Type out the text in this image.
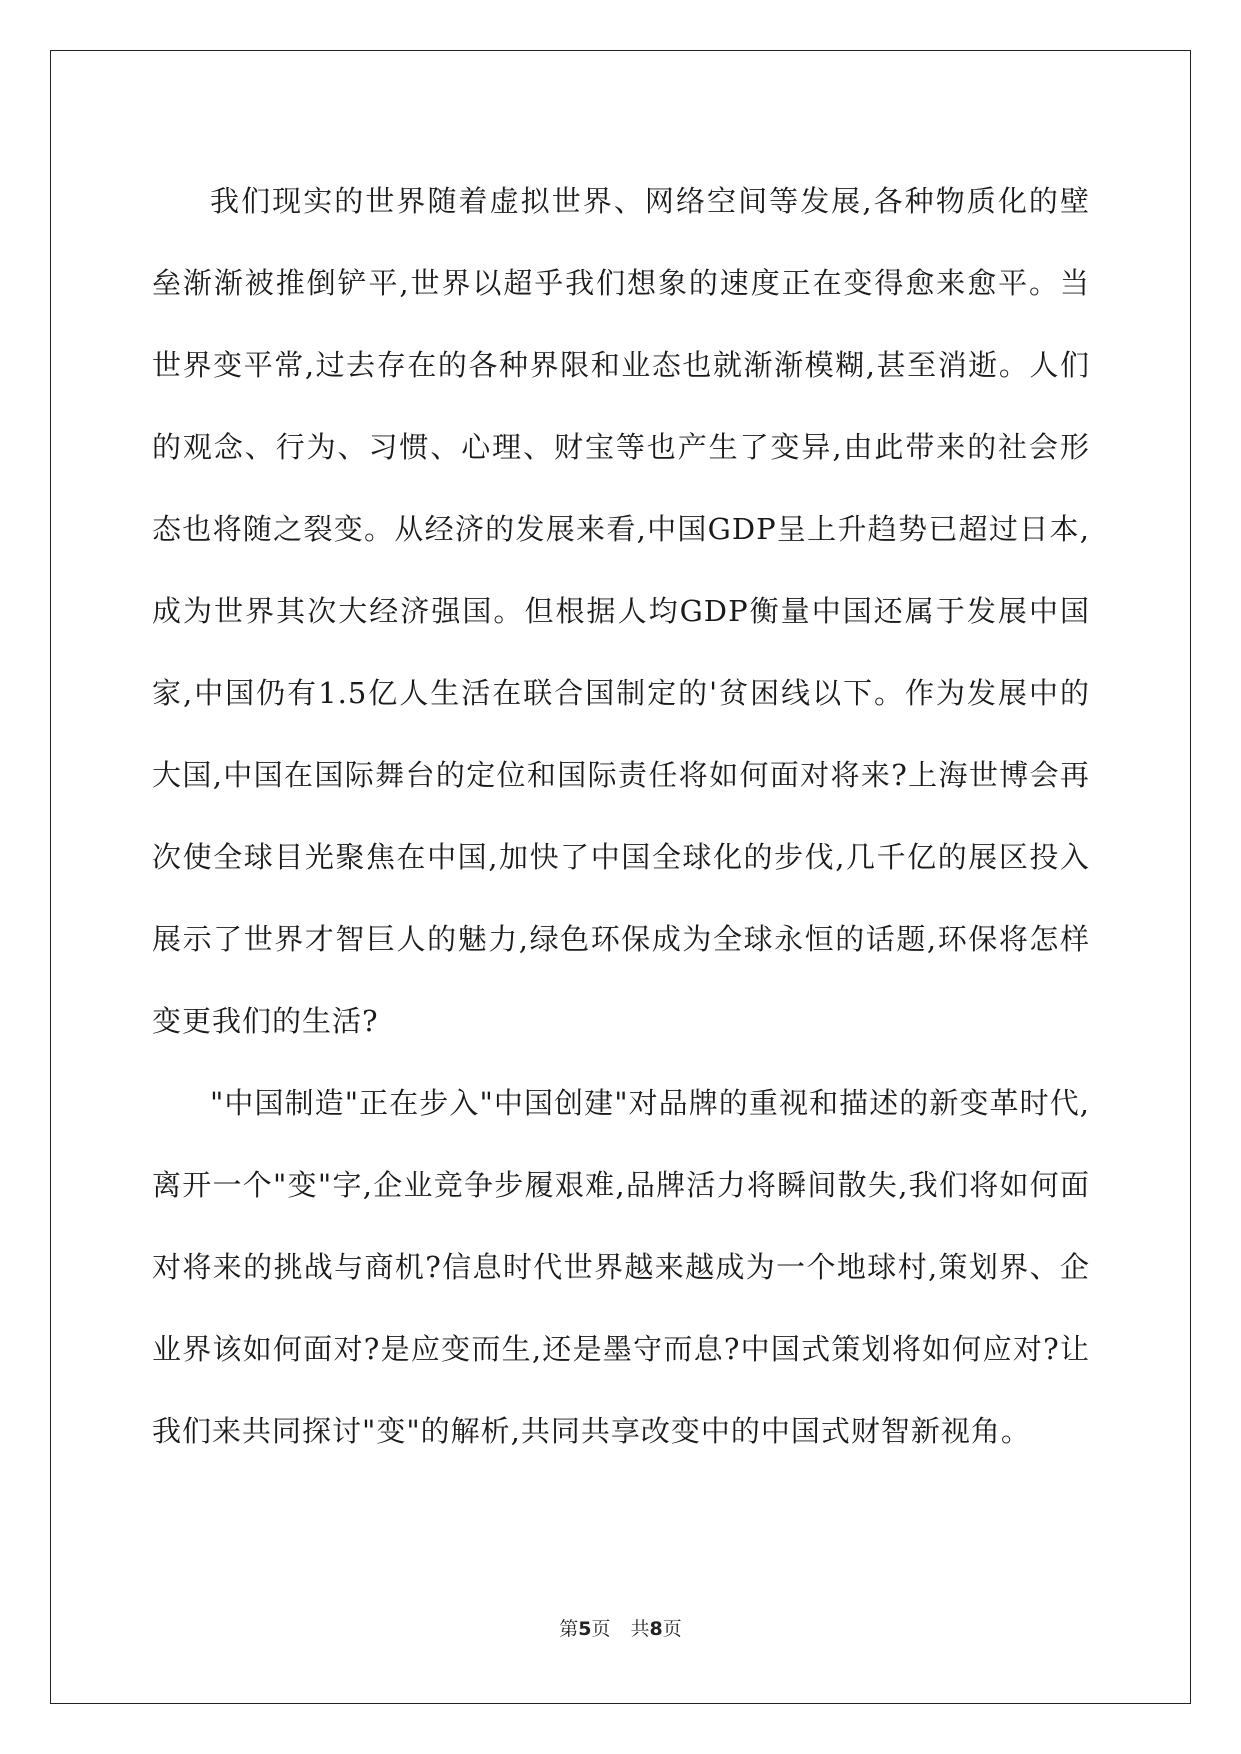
我们现实的世界随着虚拟世界、网络空间等发展,各种物质化的壁垒渐渐被推倒铲平,世界以超乎我们想象的速度正在变得愈来愈平。当世界变平常,过去存在的各种界限和业态也就渐渐模糊,甚至消逝。人们的观念、行为、习惯、心理、财宝等也产生了变异,由此带来的社会形态也将随之裂变。从经济的发展来看,中国GDP呈上升趋势已超过日本,成为世界其次大经济强国。但根据人均GDP衡量中国还属于发展中国家,中国仍有1.5亿人生活在联合国制定的'贫困线以下。作为发展中的大国,中国在国际舞台的定位和国际责任将如何面对将来?上海世博会再次使全球目光聚焦在中国,加快了中国全球化的步伐,几千亿的展区投入展示了世界才智巨人的魅力,绿色环保成为全球永恒的话题,环保将怎样变更我们的生活?

"中国制造"正在步入"中国创建"对品牌的重视和描述的新变革时代,离开一个"变"字,企业竞争步履艰难,品牌活力将瞬间散失,我们将如何面对将来的挑战与商机?信息时代世界越来越成为一个地球村,策划界、企业界该如何面对?是应变而生,还是墨守而息?中国式策划将如何应对?让我们来共同探讨"变"的解析,共同共享改变中的中国式财智新视角。

第5页 共8页
